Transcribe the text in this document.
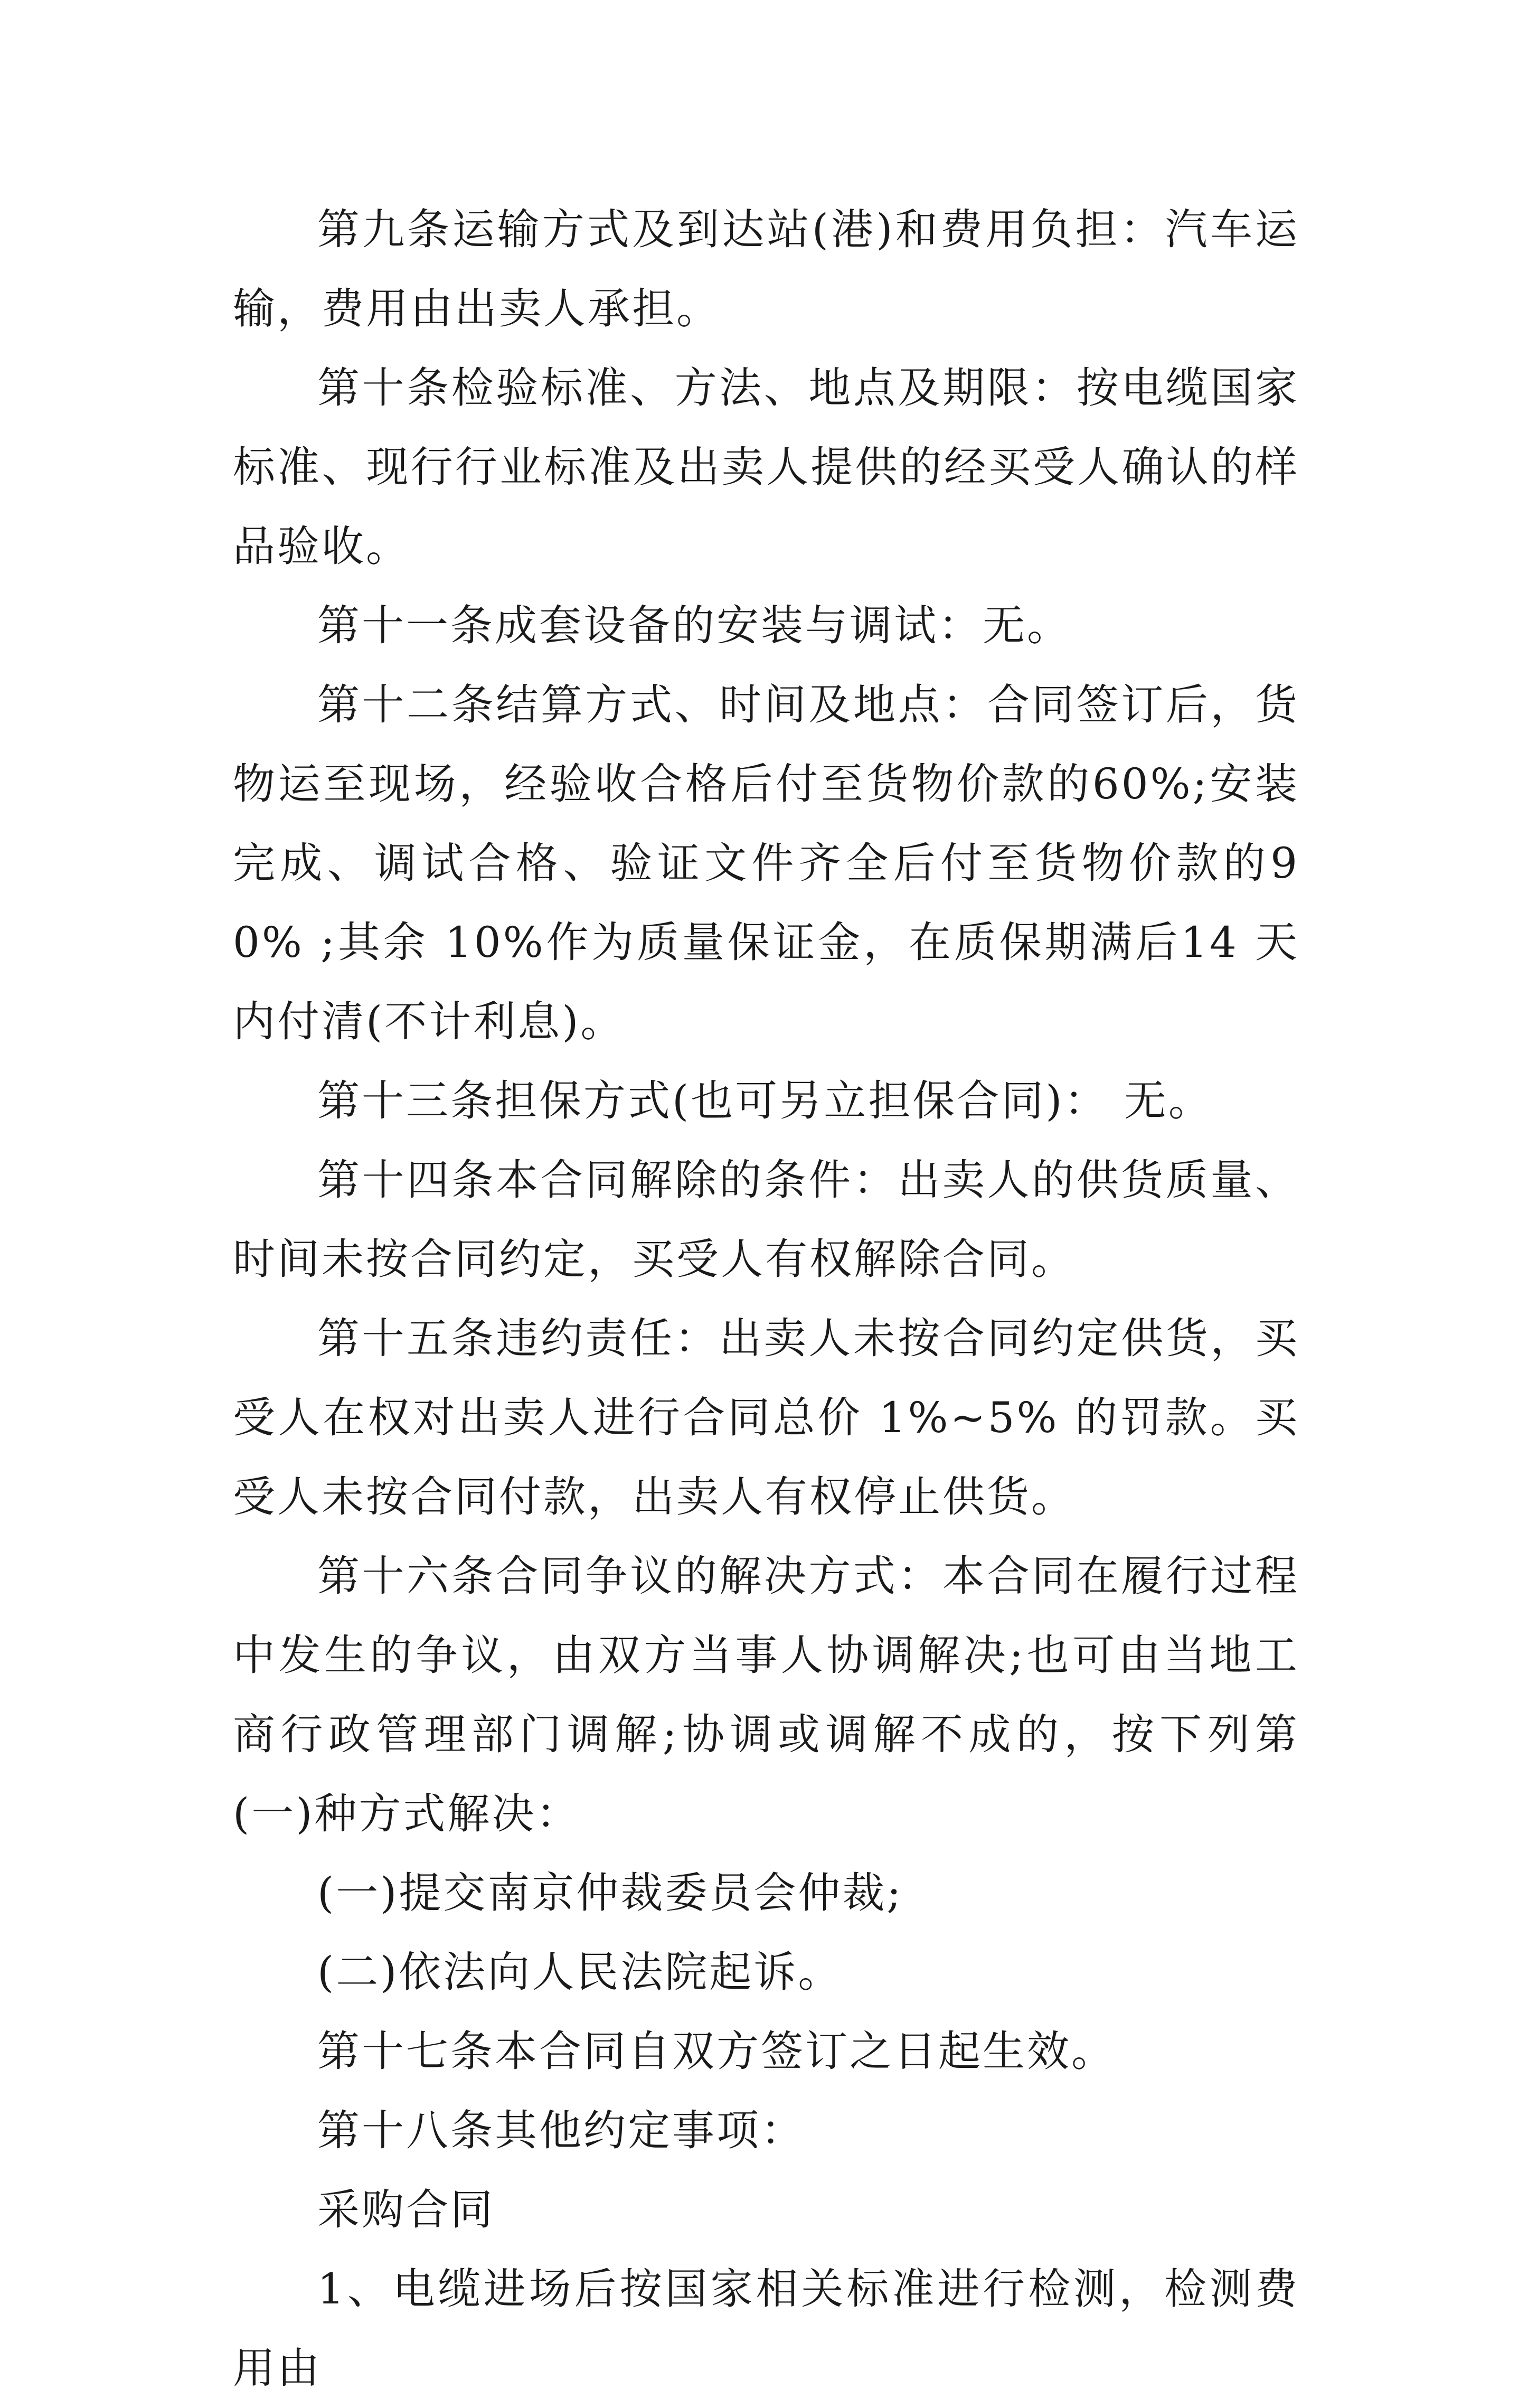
第九条运输方式及到达站(港)和费用负担：汽车运输，费用由出卖人承担。

第十条检验标准、方法、地点及期限：按电缆国家标准、现行行业标准及出卖人提供的经买受人确认的样品验收。

第十一条成套设备的安装与调试：无。

第十二条结算方式、时间及地点：合同签订后，货物运至现场，经验收合格后付至货物价款的60%;安装完成、调试合格、验证文件齐全后付至货物价款的90% ;其余 10%作为质量保证金，在质保期满后14 天内付清(不计利息)。

第十三条担保方式(也可另立担保合同)： 无。

第十四条本合同解除的条件：出卖人的供货质量、时间未按合同约定，买受人有权解除合同。

第十五条违约责任：出卖人未按合同约定供货，买受人在权对出卖人进行合同总价 1%~5% 的罚款。买受人未按合同付款，出卖人有权停止供货。

第十六条合同争议的解决方式：本合同在履行过程中发生的争议，由双方当事人协调解决;也可由当地工商行政管理部门调解;协调或调解不成的，按下列第(一)种方式解决：

(一)提交南京仲裁委员会仲裁;

(二)依法向人民法院起诉。

第十七条本合同自双方签订之日起生效。

第十八条其他约定事项：

采购合同

1、电缆进场后按国家相关标准进行检测，检测费用由
